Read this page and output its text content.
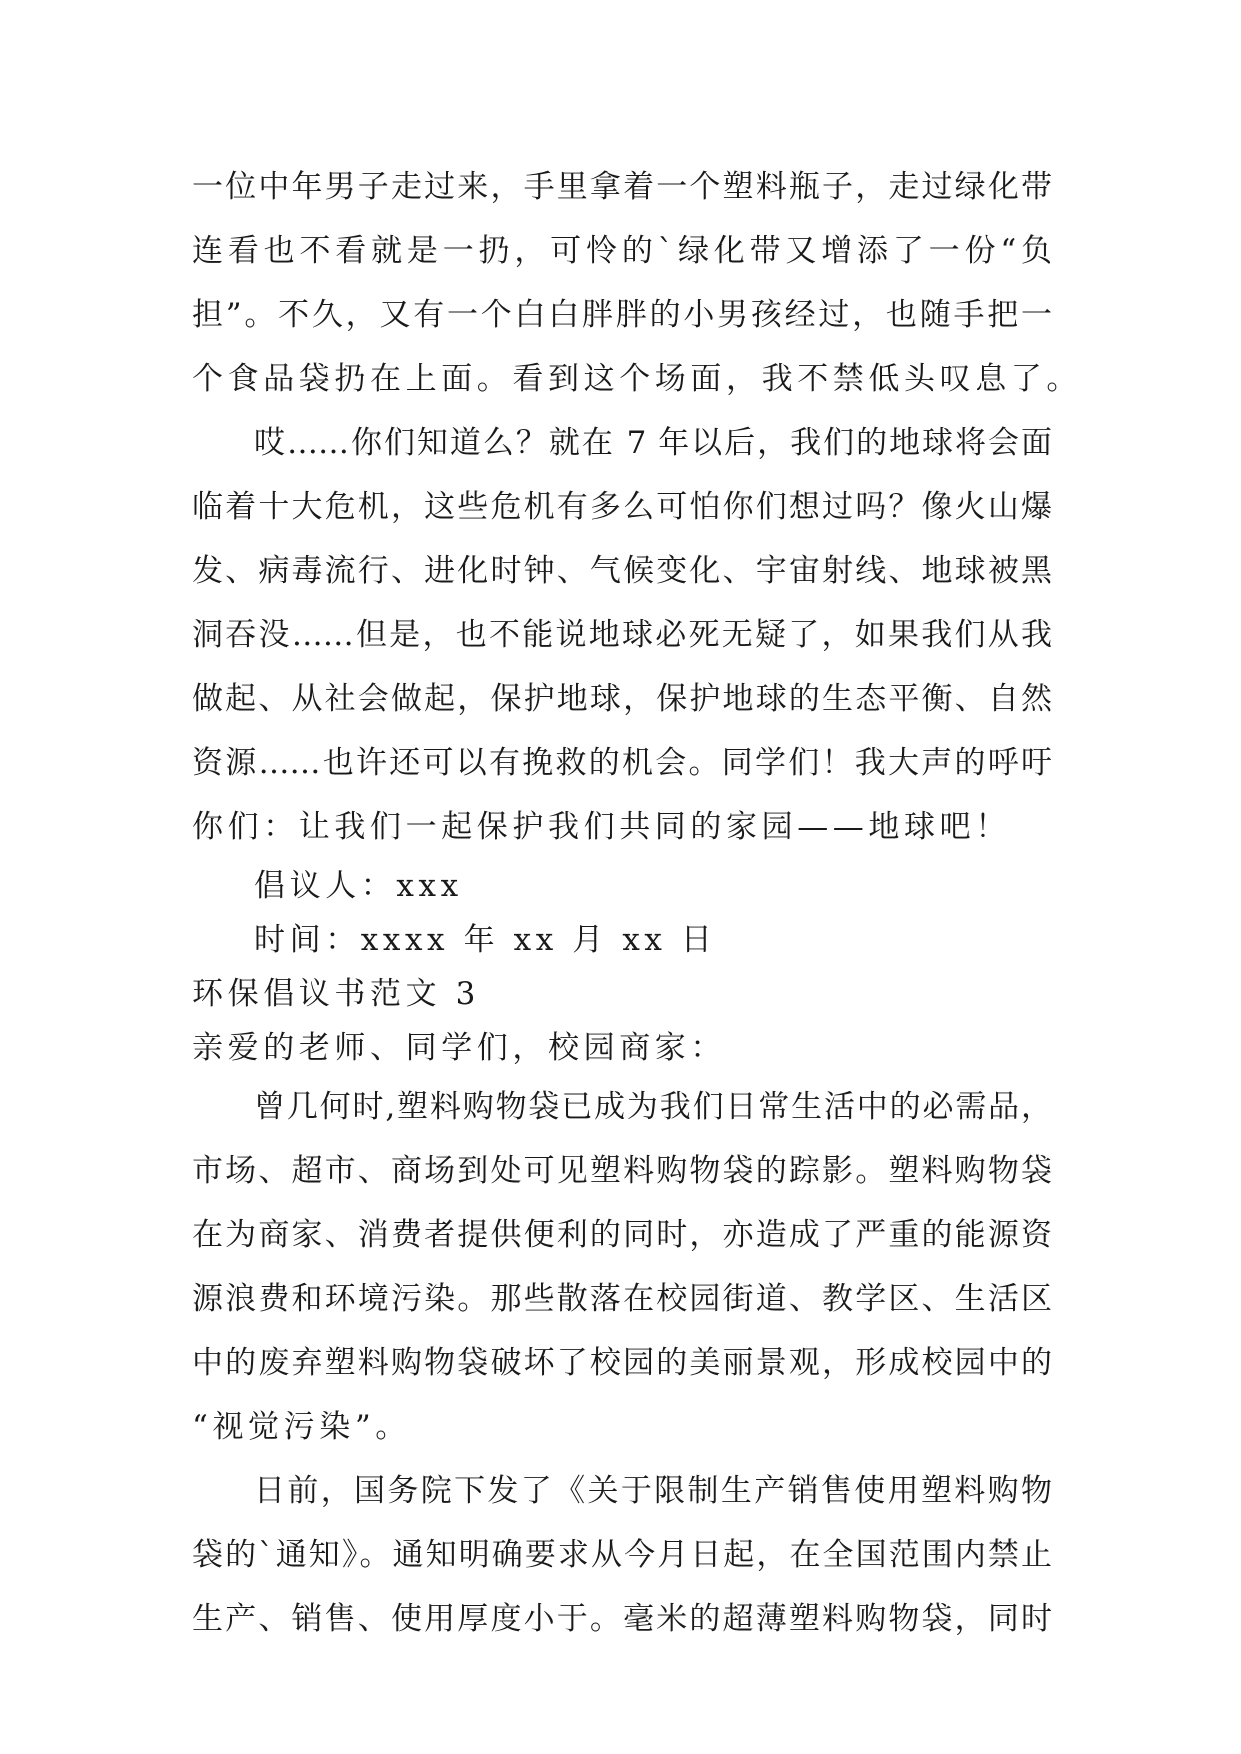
一位中年男子走过来，手里拿着一个塑料瓶子，走过绿化带
连看也不看就是一扔，可怜的`绿化带又增添了一份“负
担”。不久，又有一个白白胖胖的小男孩经过，也随手把一
个食品袋扔在上面。看到这个场面，我不禁低头叹息了。
哎……你们知道么？就在 7 年以后，我们的地球将会面
临着十大危机，这些危机有多么可怕你们想过吗？像火山爆
发、病毒流行、进化时钟、气候变化、宇宙射线、地球被黑
洞吞没……但是，也不能说地球必死无疑了，如果我们从我
做起、从社会做起，保护地球，保护地球的生态平衡、自然
资源……也许还可以有挽救的机会。同学们！我大声的呼吁
你们：让我们一起保护我们共同的家园——地球吧！
倡议人：xxx
时间：xxxx 年 xx 月 xx 日
环保倡议书范文 3
亲爱的老师、同学们，校园商家：
曾几何时,塑料购物袋已成为我们日常生活中的必需品，
市场、超市、商场到处可见塑料购物袋的踪影。塑料购物袋
在为商家、消费者提供便利的同时，亦造成了严重的能源资
源浪费和环境污染。那些散落在校园街道、教学区、生活区
中的废弃塑料购物袋破坏了校园的美丽景观，形成校园中的
“视觉污染”。
日前，国务院下发了《关于限制生产销售使用塑料购物
袋的`通知》。通知明确要求从今月日起，在全国范围内禁止
生产、销售、使用厚度小于。毫米的超薄塑料购物袋，同时
